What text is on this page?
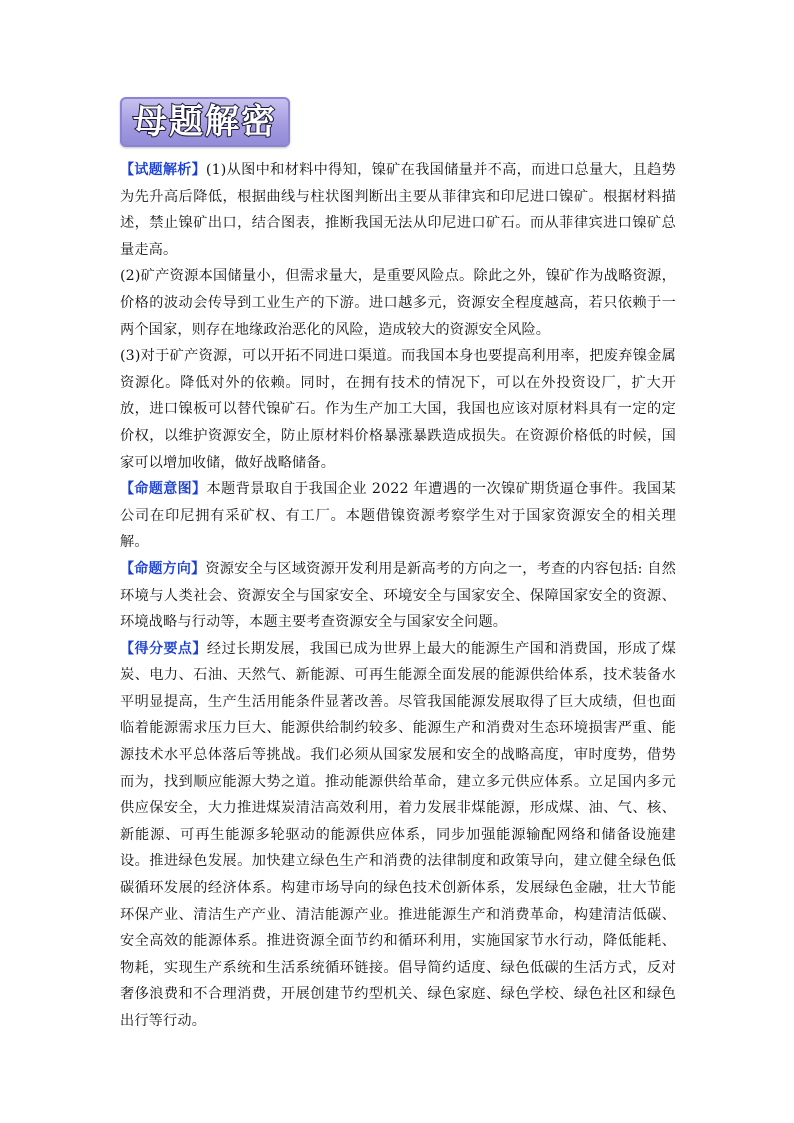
母题解密

【试题解析】(1)从图中和材料中得知，镍矿在我国储量并不高，而进口总量大，且趋势为先升高后降低，根据曲线与柱状图判断出主要从菲律宾和印尼进口镍矿。根据材料描述，禁止镍矿出口，结合图表，推断我国无法从印尼进口矿石。而从菲律宾进口镍矿总量走高。

(2)矿产资源本国储量小，但需求量大，是重要风险点。除此之外，镍矿作为战略资源，价格的波动会传导到工业生产的下游。进口越多元，资源安全程度越高，若只依赖于一两个国家，则存在地缘政治恶化的风险，造成较大的资源安全风险。

(3)对于矿产资源，可以开拓不同进口渠道。而我国本身也要提高利用率，把废弃镍金属资源化。降低对外的依赖。同时，在拥有技术的情况下，可以在外投资设厂，扩大开放，进口镍板可以替代镍矿石。作为生产加工大国，我国也应该对原材料具有一定的定价权，以维护资源安全，防止原材料价格暴涨暴跌造成损失。在资源价格低的时候，国家可以增加收储，做好战略储备。

【命题意图】本题背景取自于我国企业 2022 年遭遇的一次镍矿期货逼仓事件。我国某公司在印尼拥有采矿权、有工厂。本题借镍资源考察学生对于国家资源安全的相关理解。

【命题方向】资源安全与区域资源开发利用是新高考的方向之一，考查的内容包括: 自然环境与人类社会、资源安全与国家安全、环境安全与国家安全、保障国家安全的资源、环境战略与行动等，本题主要考查资源安全与国家安全问题。

【得分要点】经过长期发展，我国已成为世界上最大的能源生产国和消费国，形成了煤炭、电力、石油、天然气、新能源、可再生能源全面发展的能源供给体系，技术装备水平明显提高，生产生活用能条件显著改善。尽管我国能源发展取得了巨大成绩，但也面临着能源需求压力巨大、能源供给制约较多、能源生产和消费对生态环境损害严重、能源技术水平总体落后等挑战。我们必须从国家发展和安全的战略高度，审时度势，借势而为，找到顺应能源大势之道。推动能源供给革命，建立多元供应体系。立足国内多元供应保安全，大力推进煤炭清洁高效利用，着力发展非煤能源，形成煤、油、气、核、新能源、可再生能源多轮驱动的能源供应体系，同步加强能源输配网络和储备设施建设。推进绿色发展。加快建立绿色生产和消费的法律制度和政策导向，建立健全绿色低碳循环发展的经济体系。构建市场导向的绿色技术创新体系，发展绿色金融，壮大节能环保产业、清洁生产产业、清洁能源产业。推进能源生产和消费革命，构建清洁低碳、安全高效的能源体系。推进资源全面节约和循环利用，实施国家节水行动，降低能耗、物耗，实现生产系统和生活系统循环链接。倡导简约适度、绿色低碳的生活方式，反对奢侈浪费和不合理消费，开展创建节约型机关、绿色家庭、绿色学校、绿色社区和绿色出行等行动。
